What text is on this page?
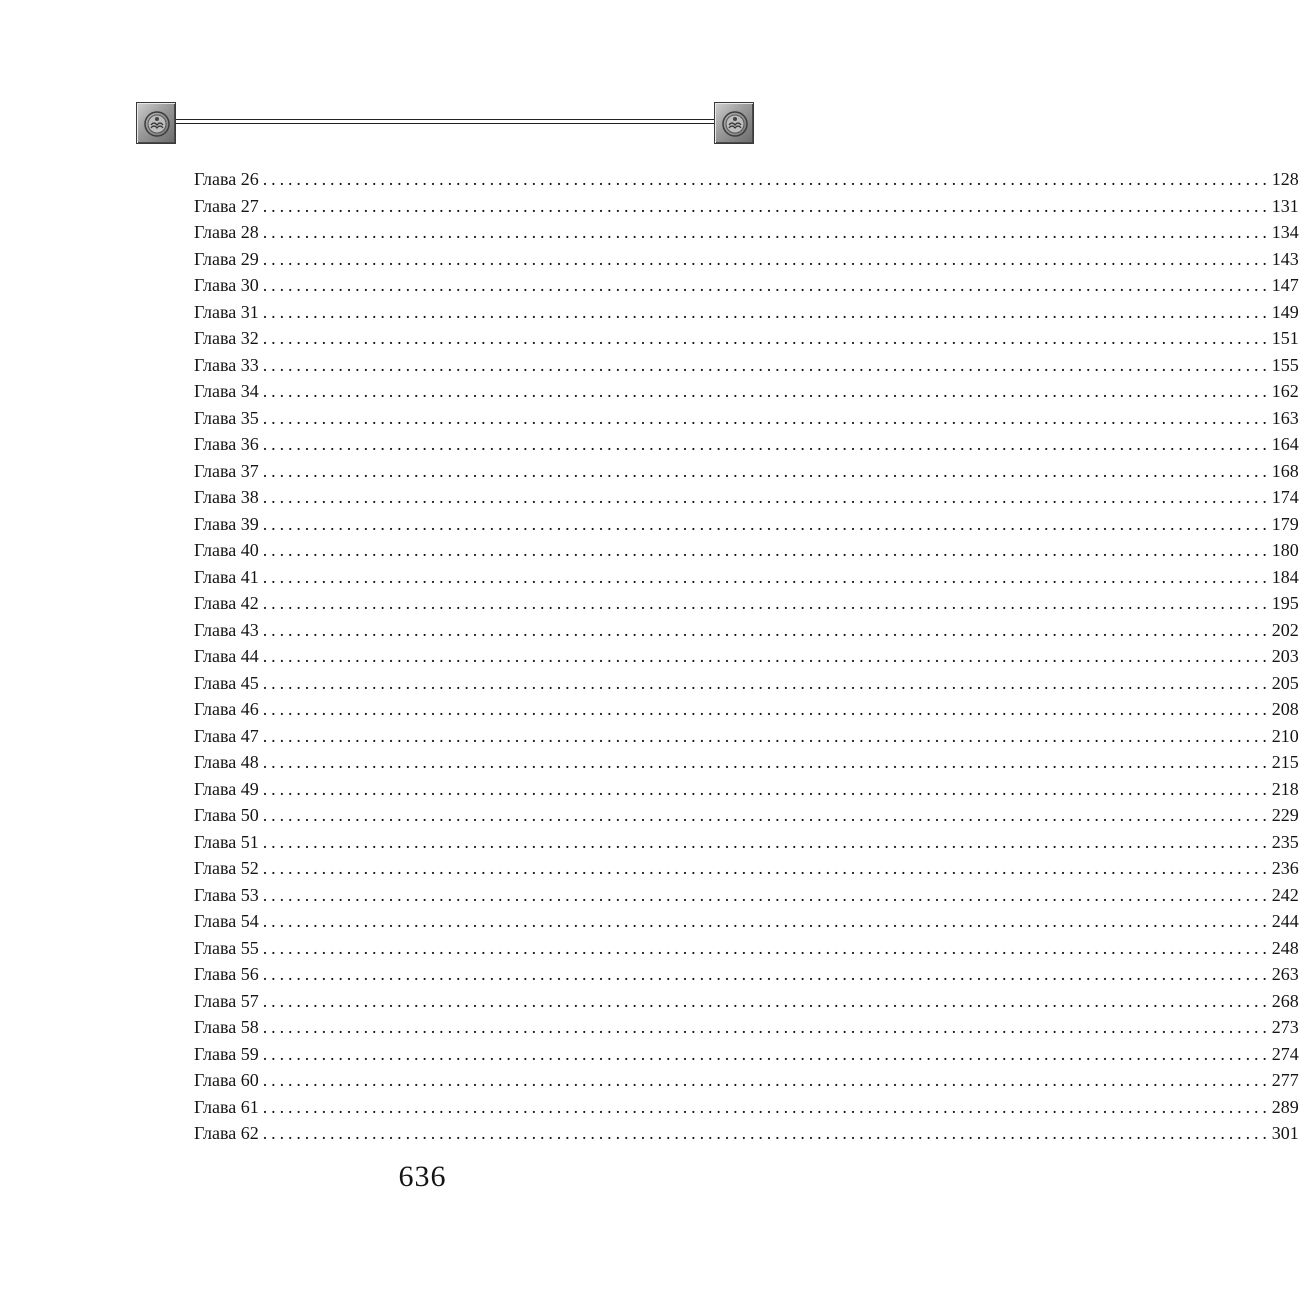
Глава 26 ........................................................................................................................ 128
Глава 27 ........................................................................................................................ 131
Глава 28 ........................................................................................................................ 134
Глава 29 ........................................................................................................................ 143
Глава 30 ........................................................................................................................ 147
Глава 31 ........................................................................................................................ 149
Глава 32 ........................................................................................................................ 151
Глава 33 ........................................................................................................................ 155
Глава 34 ........................................................................................................................ 162
Глава 35 ........................................................................................................................ 163
Глава 36 ........................................................................................................................ 164
Глава 37 ........................................................................................................................ 168
Глава 38 ........................................................................................................................ 174
Глава 39 ........................................................................................................................ 179
Глава 40 ........................................................................................................................ 180
Глава 41 ........................................................................................................................ 184
Глава 42 ........................................................................................................................ 195
Глава 43 ........................................................................................................................ 202
Глава 44 ........................................................................................................................ 203
Глава 45 ........................................................................................................................ 205
Глава 46 ........................................................................................................................ 208
Глава 47 ........................................................................................................................ 210
Глава 48 ........................................................................................................................ 215
Глава 49 ........................................................................................................................ 218
Глава 50 ........................................................................................................................ 229
Глава 51 ........................................................................................................................ 235
Глава 52 ........................................................................................................................ 236
Глава 53 ........................................................................................................................ 242
Глава 54 ........................................................................................................................ 244
Глава 55 ........................................................................................................................ 248
Глава 56 ........................................................................................................................ 263
Глава 57 ........................................................................................................................ 268
Глава 58 ........................................................................................................................ 273
Глава 59 ........................................................................................................................ 274
Глава 60 ........................................................................................................................ 277
Глава 61 ........................................................................................................................ 289
Глава 62 ........................................................................................................................ 301
636
